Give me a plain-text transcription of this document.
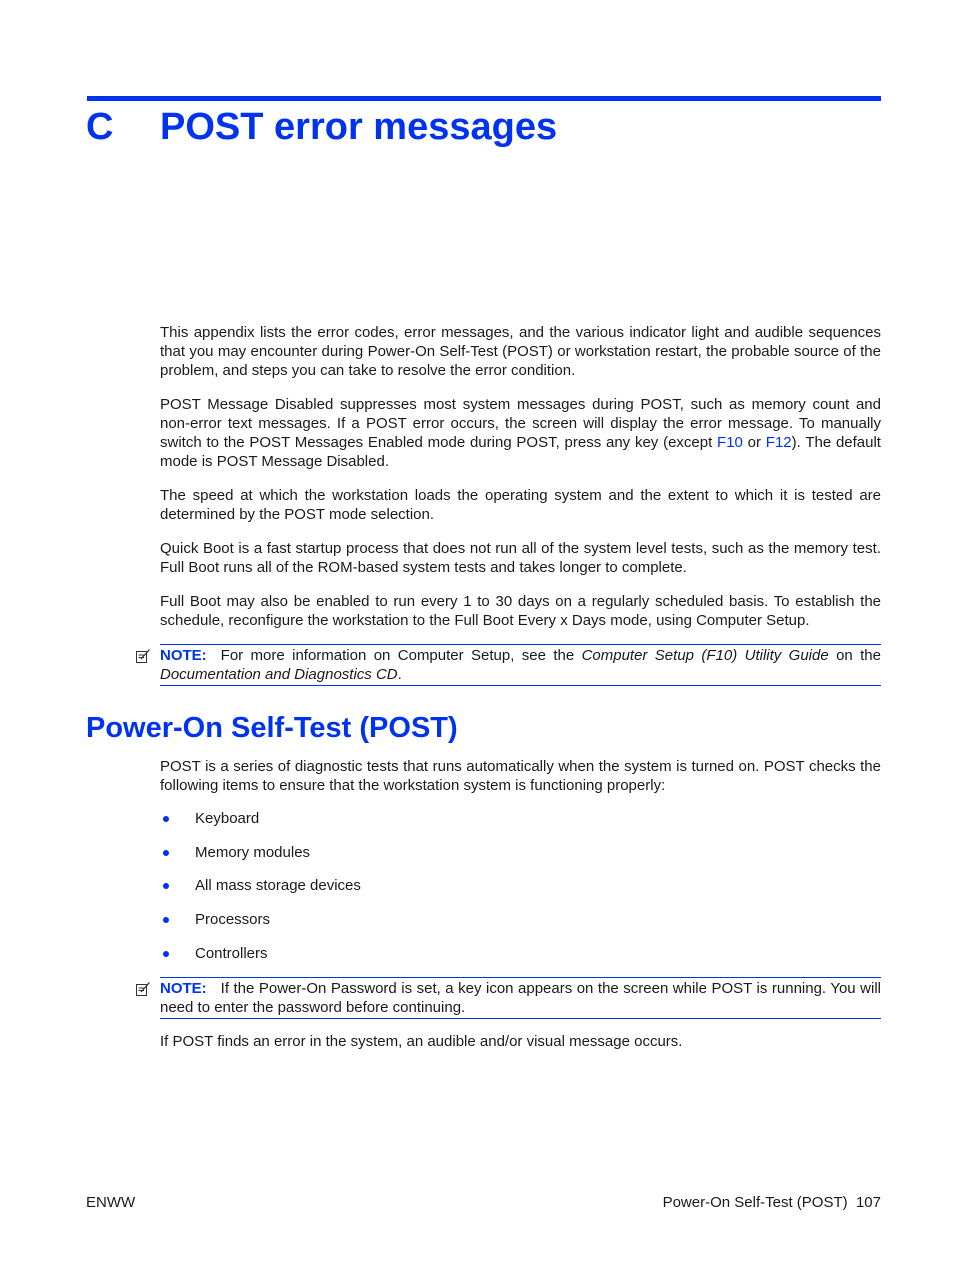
C POST error messages

This appendix lists the error codes, error messages, and the various indicator light and audible sequences that you may encounter during Power-On Self-Test (POST) or workstation restart, the probable source of the problem, and steps you can take to resolve the error condition.

POST Message Disabled suppresses most system messages during POST, such as memory count and non-error text messages. If a POST error occurs, the screen will display the error message. To manually switch to the POST Messages Enabled mode during POST, press any key (except F10 or F12). The default mode is POST Message Disabled.

The speed at which the workstation loads the operating system and the extent to which it is tested are determined by the POST mode selection.

Quick Boot is a fast startup process that does not run all of the system level tests, such as the memory test. Full Boot runs all of the ROM-based system tests and takes longer to complete.

Full Boot may also be enabled to run every 1 to 30 days on a regularly scheduled basis. To establish the schedule, reconfigure the workstation to the Full Boot Every x Days mode, using Computer Setup.

NOTE: For more information on Computer Setup, see the Computer Setup (F10) Utility Guide on the Documentation and Diagnostics CD.
Power-On Self-Test (POST)

POST is a series of diagnostic tests that runs automatically when the system is turned on. POST checks the following items to ensure that the workstation system is functioning properly:

Keyboard
Memory modules
All mass storage devices
Processors
Controllers
NOTE: If the Power-On Password is set, a key icon appears on the screen while POST is running. You will need to enter the password before continuing.

If POST finds an error in the system, an audible and/or visual message occurs.

ENWW	Power-On Self-Test (POST) 107
